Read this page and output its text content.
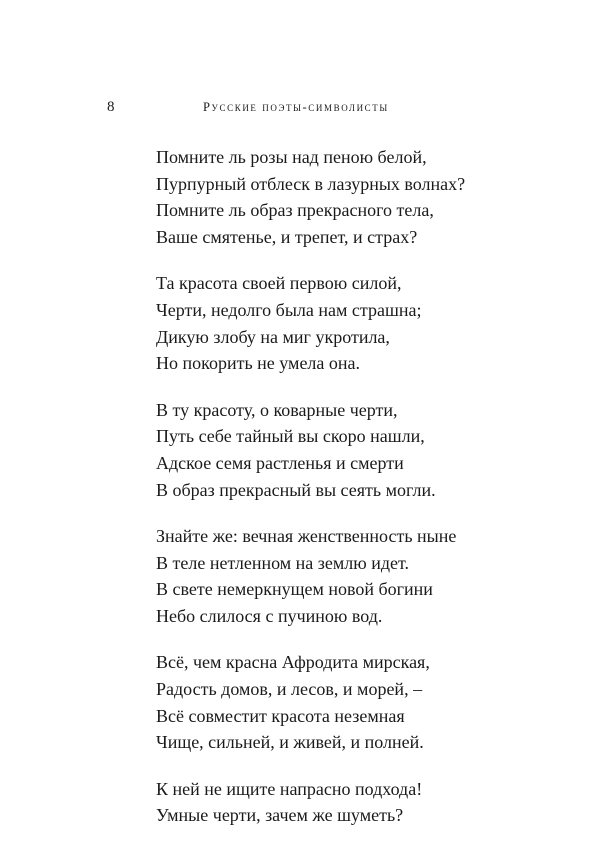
8	Русские поэты-символисты
Помните ль розы над пеною белой,
Пурпурный отблеск в лазурных волнах?
Помните ль образ прекрасного тела,
Ваше смятенье, и трепет, и страх?
Та красота своей первою силой,
Черти, недолго была нам страшна;
Дикую злобу на миг укротила,
Но покорить не умела она.
В ту красоту, о коварные черти,
Путь себе тайный вы скоро нашли,
Адское семя растленья и смерти
В образ прекрасный вы сеять могли.
Знайте же: вечная женственность ныне
В теле нетленном на землю идет.
В свете немеркнущем новой богини
Небо слилося с пучиною вод.
Всё, чем красна Афродита мирская,
Радость домов, и лесов, и морей, –
Всё совместит красота неземная
Чище, сильней, и живей, и полней.
К ней не ищите напрасно подхода!
Умные черти, зачем же шуметь?
